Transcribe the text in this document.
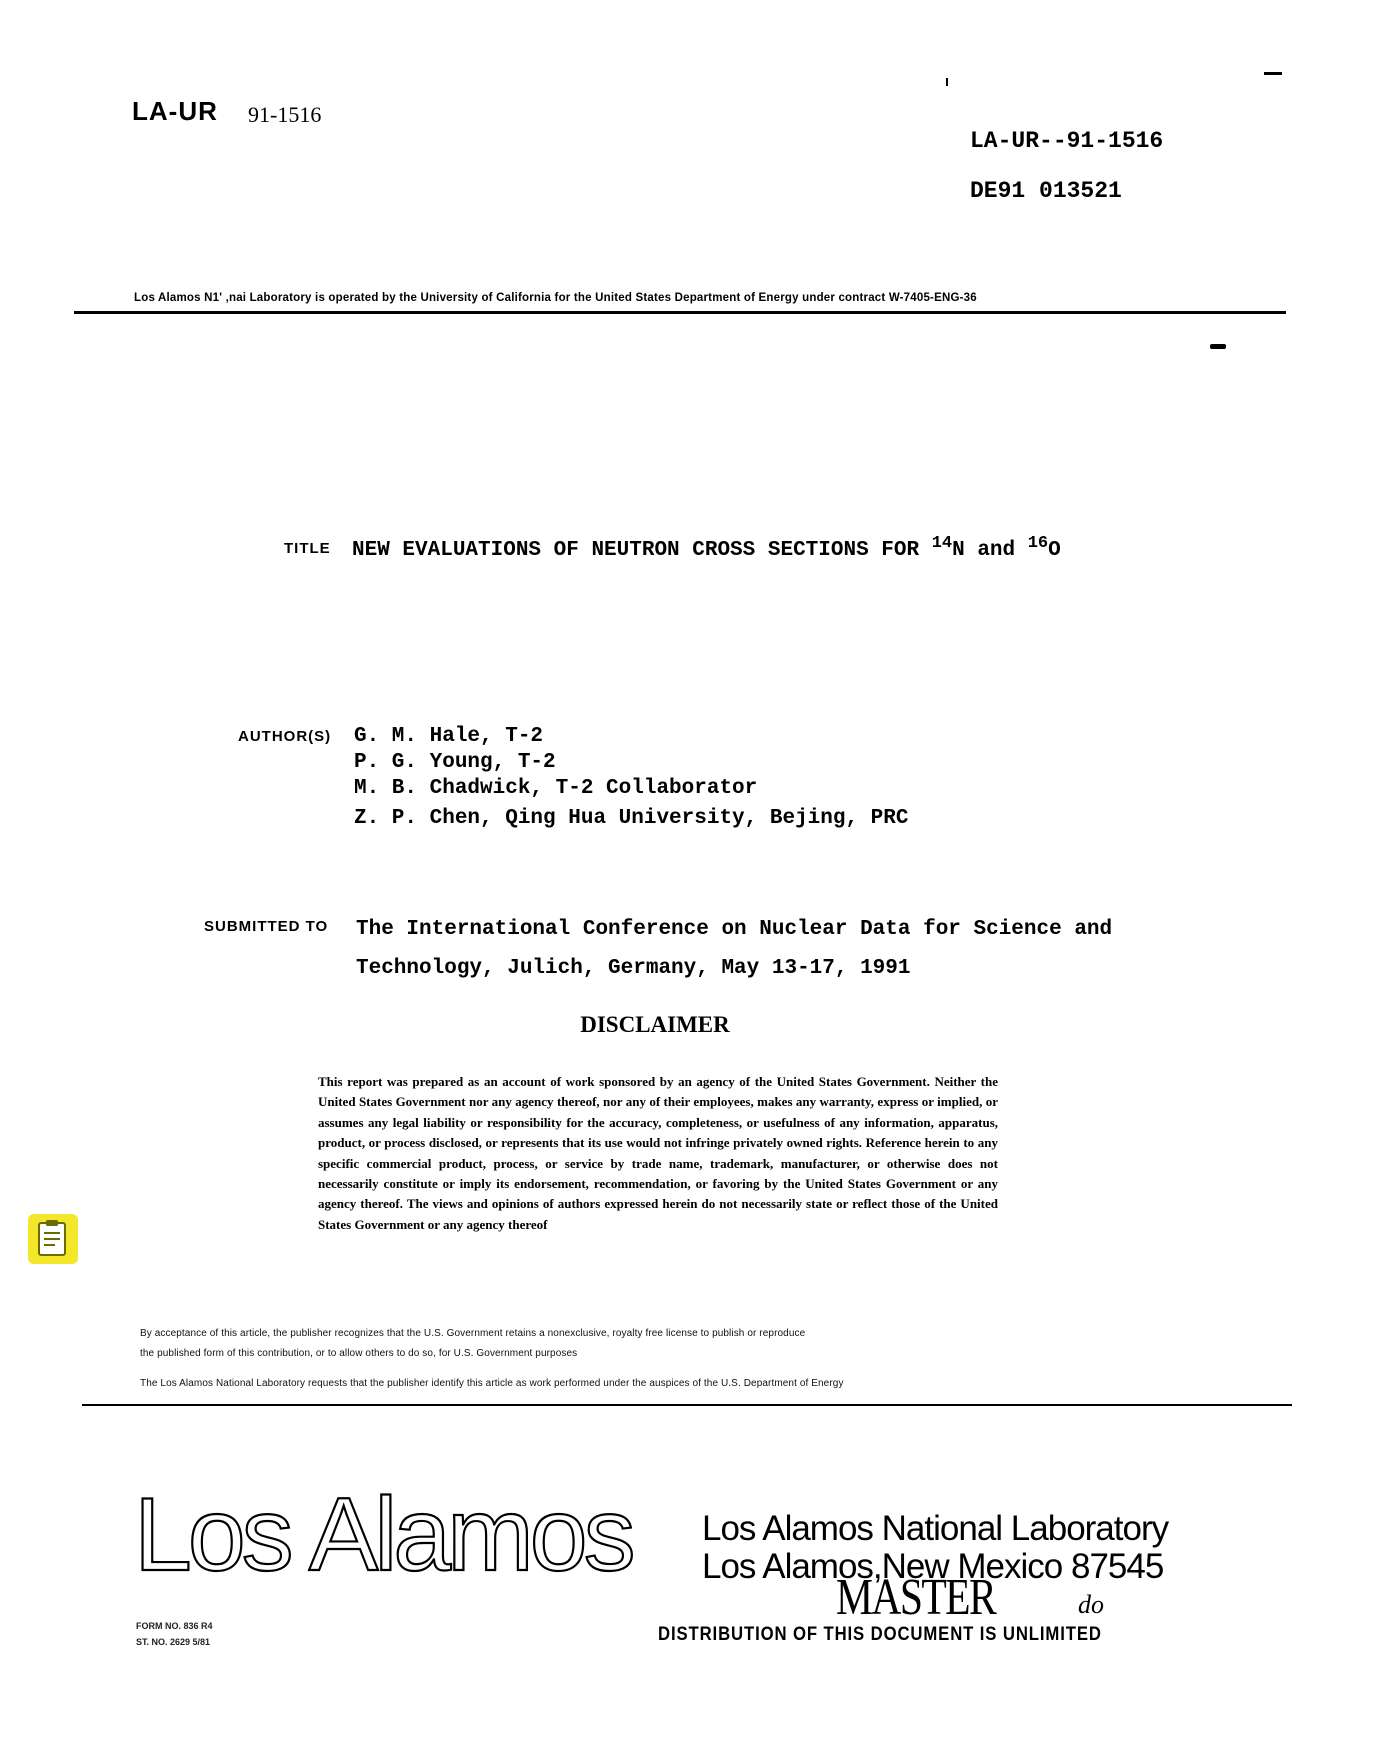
LA-UR 91-1516
LA-UR--91-1516
DE91 013521
Los Alamos N1' ,nai Laboratory is operated by the University of California for the United States Department of Energy under contract W-7405-ENG-36
TITLE NEW EVALUATIONS OF NEUTRON CROSS SECTIONS FOR $^{14}$N and $^{16}$O
AUTHOR(S) G. M. Hale, T-2
P. G. Young, T-2
M. B. Chadwick, T-2 Collaborator
Z. P. Chen, Qing Hua University, Bejing, PRC
SUBMITTED TO The International Conference on Nuclear Data for Science and
Technology, Julich, Germany, May 13-17, 1991
DISCLAIMER
This report was prepared as an account of work sponsored by an agency of the United States Government. Neither the United States Government nor any agency thereof, nor any of their employees, makes any warranty, express or implied, or assumes any legal liability or responsibility for the accuracy, completeness, or usefulness of any information, apparatus, product, or process disclosed, or represents that its use would not infringe privately owned rights. Reference herein to any specific commercial product, process, or service by trade name, trademark, manufacturer, or otherwise does not necessarily constitute or imply its endorsement, recommendation, or favoring by the United States Government or any agency thereof. The views and opinions of authors expressed herein do not necessarily state or reflect those of the United States Government or any agency thereof
By acceptance of this article, the publisher recognizes that the U.S. Government retains a nonexclusive, royalty free license to publish or reproduce
the published form of this contribution, or to allow others to do so, for U.S. Government purposes
The Los Alamos National Laboratory requests that the publisher identify this article as work performed under the auspices of the U.S. Department of Energy
Los Alamos Los Alamos National Laboratory
Los Alamos,New Mexico 87545
MASTER	do
DISTRIBUTION OF THIS DOCUMENT IS UNLIMITED
FORM NO. 836 R4
ST. NO. 2629 5/81
